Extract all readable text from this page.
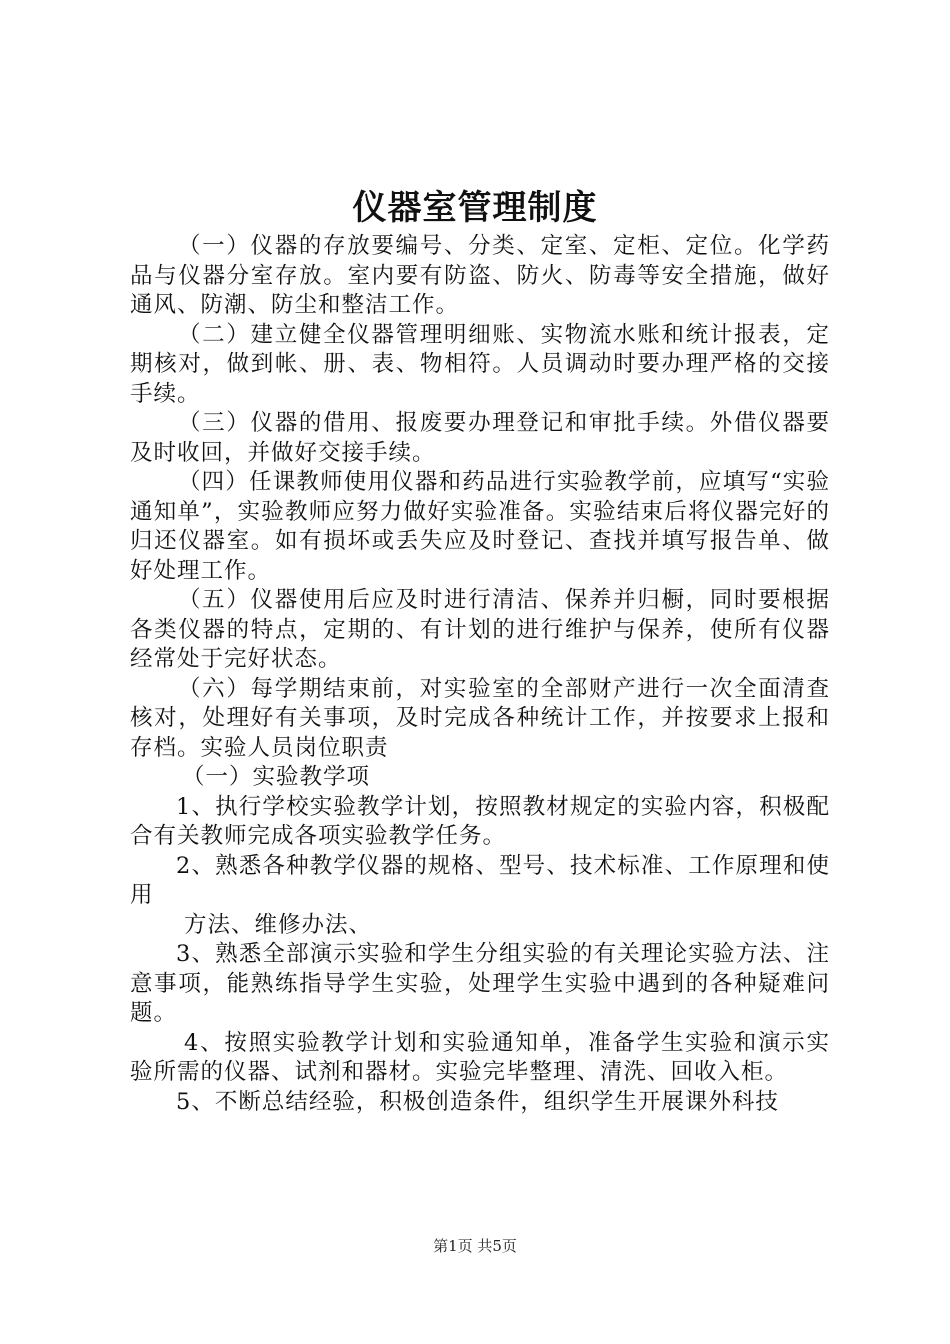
仪器室管理制度

（一）仪器的存放要编号、分类、定室、定柜、定位。化学药品与仪器分室存放。室内要有防盗、防火、防毒等安全措施，做好通风、防潮、防尘和整洁工作。

（二）建立健全仪器管理明细账、实物流水账和统计报表，定期核对，做到帐、册、表、物相符。人员调动时要办理严格的交接手续。

（三）仪器的借用、报废要办理登记和审批手续。外借仪器要及时收回，并做好交接手续。

（四）任课教师使用仪器和药品进行实验教学前，应填写“实验通知单”，实验教师应努力做好实验准备。实验结束后将仪器完好的归还仪器室。如有损坏或丢失应及时登记、查找并填写报告单、做好处理工作。

（五）仪器使用后应及时进行清洁、保养并归橱，同时要根据各类仪器的特点，定期的、有计划的进行维护与保养，使所有仪器经常处于完好状态。

（六）每学期结束前，对实验室的全部财产进行一次全面清查核对，处理好有关事项，及时完成各种统计工作，并按要求上报和存档。实验人员岗位职责

（一）实验教学项

1、执行学校实验教学计划，按照教材规定的实验内容，积极配合有关教师完成各项实验教学任务。

2、熟悉各种教学仪器的规格、型号、技术标准、工作原理和使用

方法、维修办法、

3、熟悉全部演示实验和学生分组实验的有关理论实验方法、注意事项，能熟练指导学生实验，处理学生实验中遇到的各种疑难问题。

4、按照实验教学计划和实验通知单，准备学生实验和演示实验所需的仪器、试剂和器材。实验完毕整理、清洗、回收入柜。

5、不断总结经验，积极创造条件，组织学生开展课外科技

第1页 共5页
